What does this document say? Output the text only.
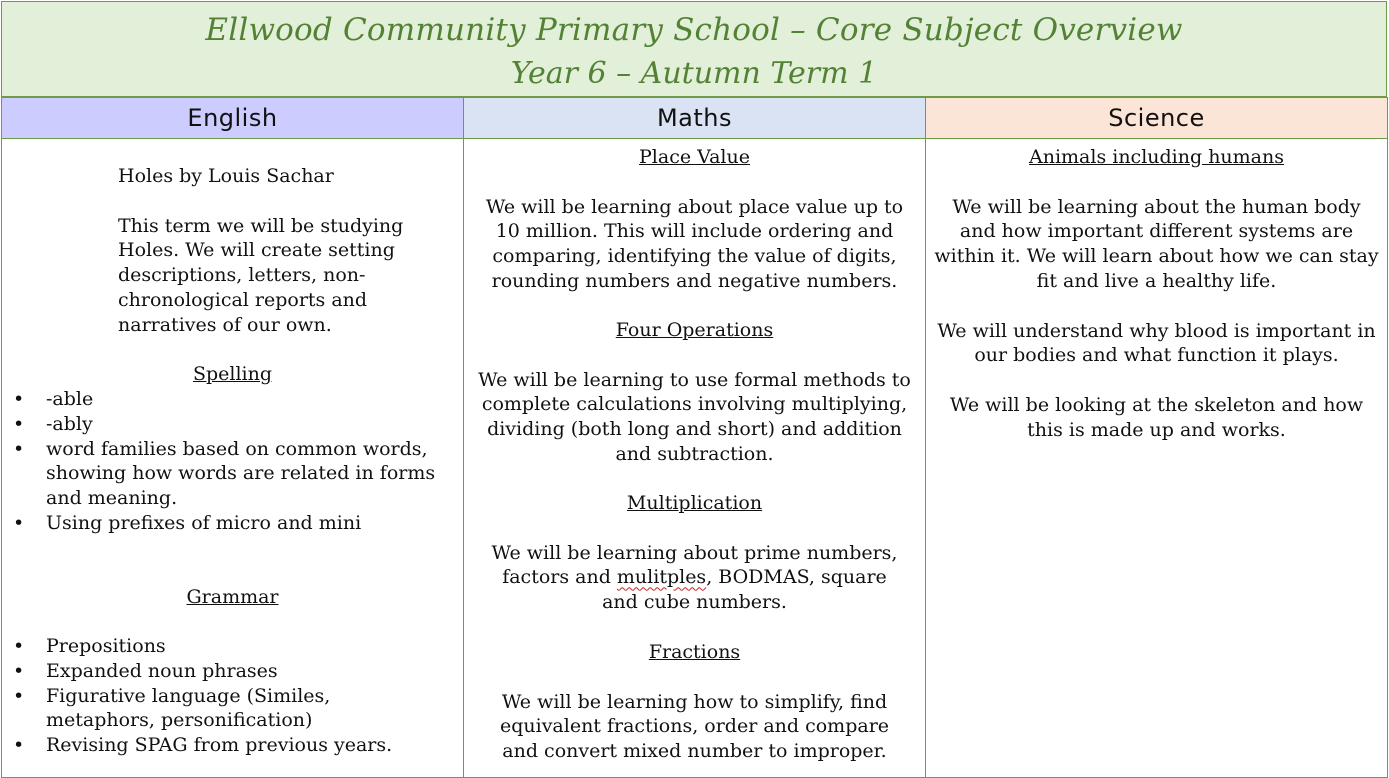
Ellwood Community Primary School – Core Subject Overview
Year 6 – Autumn Term 1
English	Maths	Science

Holes by Louis Sachar

This term we will be studying Holes. We will create setting descriptions, letters, non-chronological reports and narratives of our own.

Spelling
• -able
• -ably
• word families based on common words, showing how words are related in forms and meaning.
• Using prefixes of micro and mini
Grammar
• Prepositions
• Expanded noun phrases
• Figurative language (Similes, metaphors, personification)
• Revising SPAG from previous years.
Place Value
We will be learning about place value up to 10 million. This will include ordering and comparing, identifying the value of digits, rounding numbers and negative numbers.
Four Operations
We will be learning to use formal methods to complete calculations involving multiplying, dividing (both long and short) and addition and subtraction.
Multiplication
We will be learning about prime numbers, factors and mulitples, BODMAS, square and cube numbers.
Fractions
We will be learning how to simplify, find equivalent fractions, order and compare and convert mixed number to improper.
Animals including humans
We will be learning about the human body and how important different systems are within it. We will learn about how we can stay fit and live a healthy life.
We will understand why blood is important in our bodies and what function it plays.
We will be looking at the skeleton and how this is made up and works.
